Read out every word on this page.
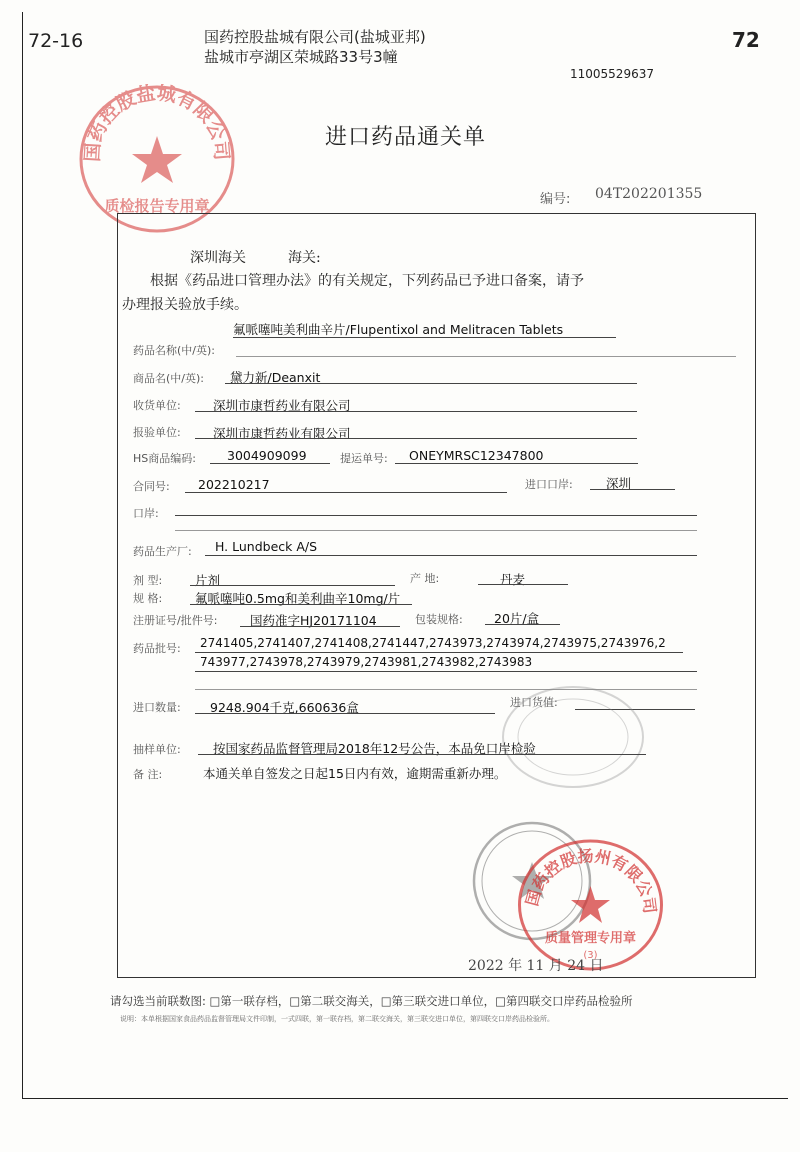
72-16	72
国药控股盐城有限公司(盐城亚邦)
盐城市亭湖区荣城路33号3幢
11005529637
国药控股盐城有限公司
质检报告专用章
进口药品通关单
编号: 04T202201355
深圳海关	海关:
根据《药品进口管理办法》的有关规定，下列药品已予进口备案，请予
办理报关验放手续。
药品名称(中/英):
氟哌噻吨美利曲辛片/Flupentixol and Melitracen Tablets
商品名(中/英): 黛力新/Deanxit
收货单位:	深圳市康哲药业有限公司
报验单位:	深圳市康哲药业有限公司
HS商品编码: 3004909099	提运单号: ONEYMRSC12347800
合同号: 202210217	进口口岸:	深圳
口岸:
药品生产厂: H. Lundbeck A/S
剂 型:	片剂	产 地:	丹麦
规 格:	氟哌噻吨0.5mg和美利曲辛10mg/片
注册证号/批件号:	国药准字HJ20171104	包装规格:	20片/盒
药品批号: 2741405,2741407,2741408,2741447,2743973,2743974,2743975,2743976,2
743977,2743978,2743979,2743981,2743982,2743983
进口数量: 9248.904千克,660636盒	进口货值:
抽样单位:	按国家药品监督管理局2018年12号公告，本品免口岸检验
备 注:	本通关单自签发之日起15日内有效，逾期需重新办理。
国药控股扬州有限公司
质量管理专用章
(3)
2022 年 11 月 24 日
请勾选当前联数图: □第一联存档，□第二联交海关，□第三联交进口单位，□第四联交口岸药品检验所
说明：本单根据国家食品药品监督管理局文件印制，一式四联，第一联存档，第二联交海关，第三联交进口单位，第四联交口岸药品检验所。
